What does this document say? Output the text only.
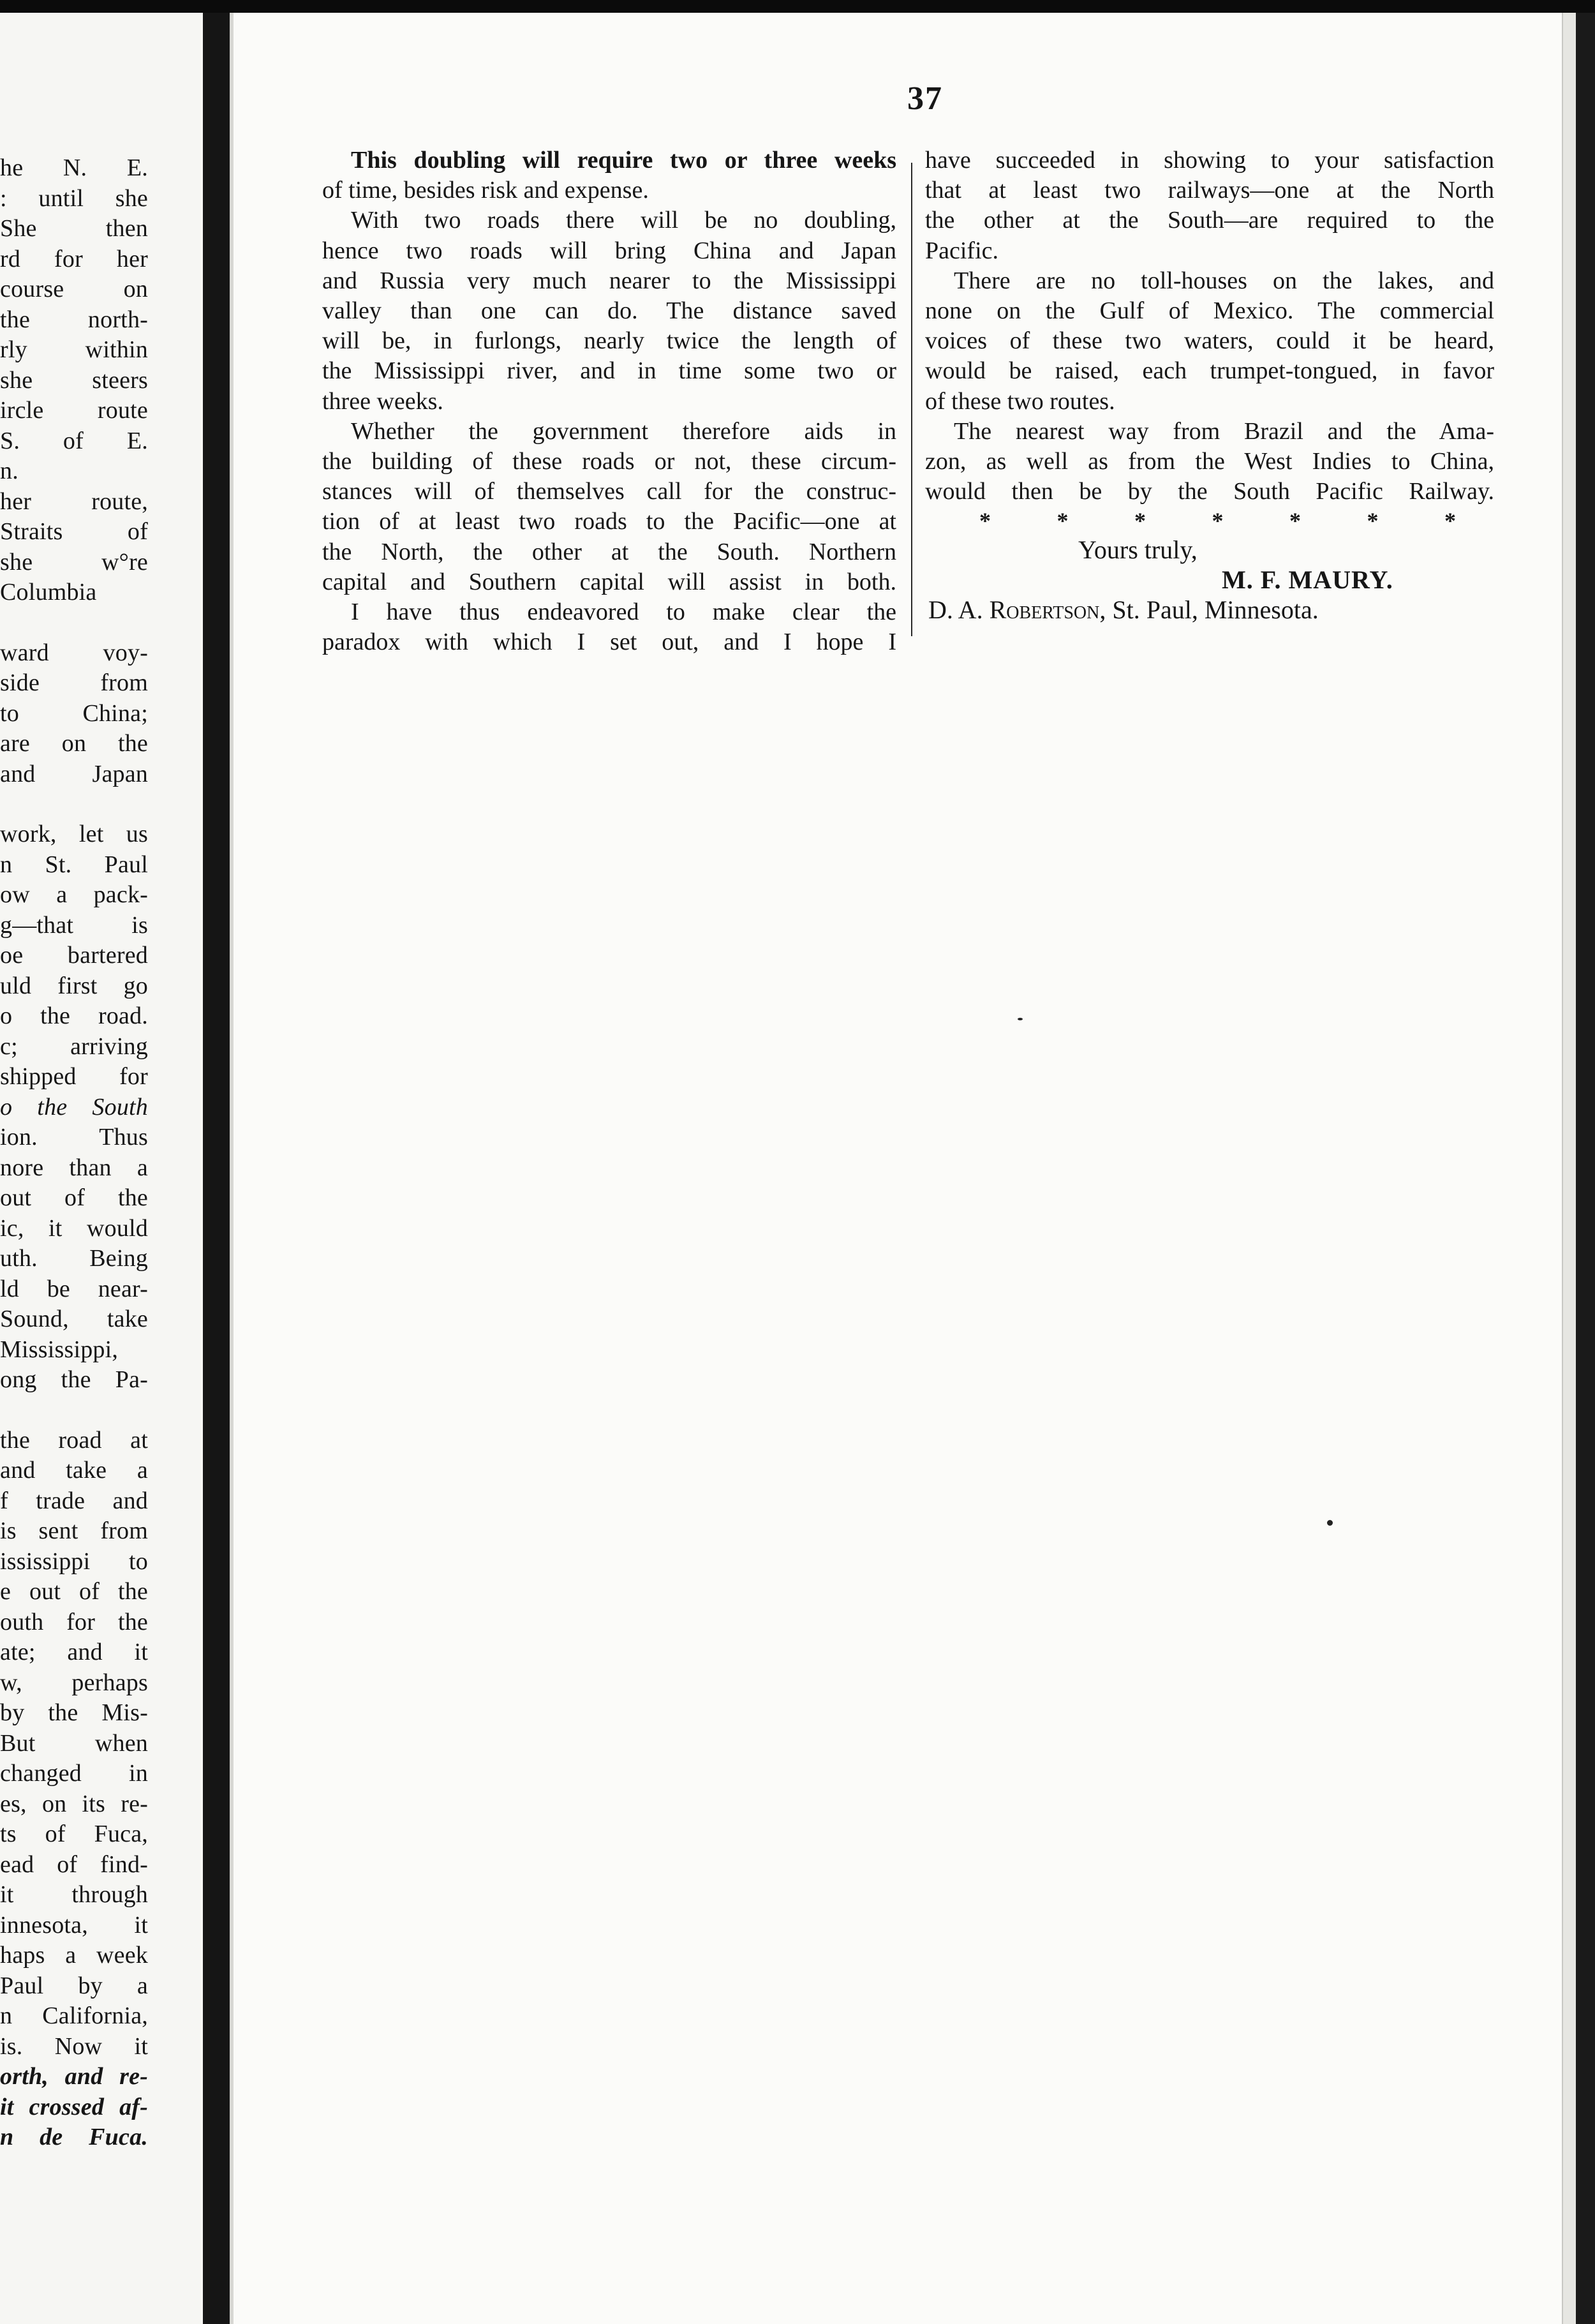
he N. E.
: until she
She then
rd for her
course on
the north-
rly within
she steers
ircle route
S. of E.
n.
her route,
Straits of
she w°re
Columbia
ward voy-
side from
to China;
are on the
and Japan
work, let us
n St. Paul
ow a pack-
g—that is
oe bartered
uld first go
o the road.
c; arriving
shipped for
o the South
ion. Thus
nore than a
out of the
ic, it would
uth. Being
ld be near-
Sound, take
Mississippi,
ong the Pa-
the road at
and take a
f trade and
is sent from
ississippi to
e out of the
outh for the
ate; and it
w, perhaps
by the Mis-
But when
changed in
es, on its re-
ts of Fuca,
ead of find-
it through
innesota, it
haps a week
Paul by a
n California,
is. Now it
orth, and re-
it crossed af-
n de Fuca.
37
This doubling will require two or three weeks
of time, besides risk and expense.
With two roads there will be no doubling,
hence two roads will bring China and Japan
and Russia very much nearer to the Mississippi
valley than one can do. The distance saved
will be, in furlongs, nearly twice the length of
the Mississippi river, and in time some two or
three weeks.
Whether the government therefore aids in
the building of these roads or not, these circum-
stances will of themselves call for the construc-
tion of at least two roads to the Pacific—one at
the North, the other at the South. Northern
capital and Southern capital will assist in both.
I have thus endeavored to make clear the
paradox with which I set out, and I hope I
have succeeded in showing to your satisfaction
that at least two railways—one at the North
the other at the South—are required to the
Pacific.
There are no toll-houses on the lakes, and
none on the Gulf of Mexico. The commercial
voices of these two waters, could it be heard,
would be raised, each trumpet-tongued, in favor
of these two routes.
The nearest way from Brazil and the Ama-
zon, as well as from the West Indies to China,
would then be by the South Pacific Railway.
*	*	*	*	*	*	*
Yours truly,
M. F. MAURY.
D. A. Robertson, St. Paul, Minnesota.
